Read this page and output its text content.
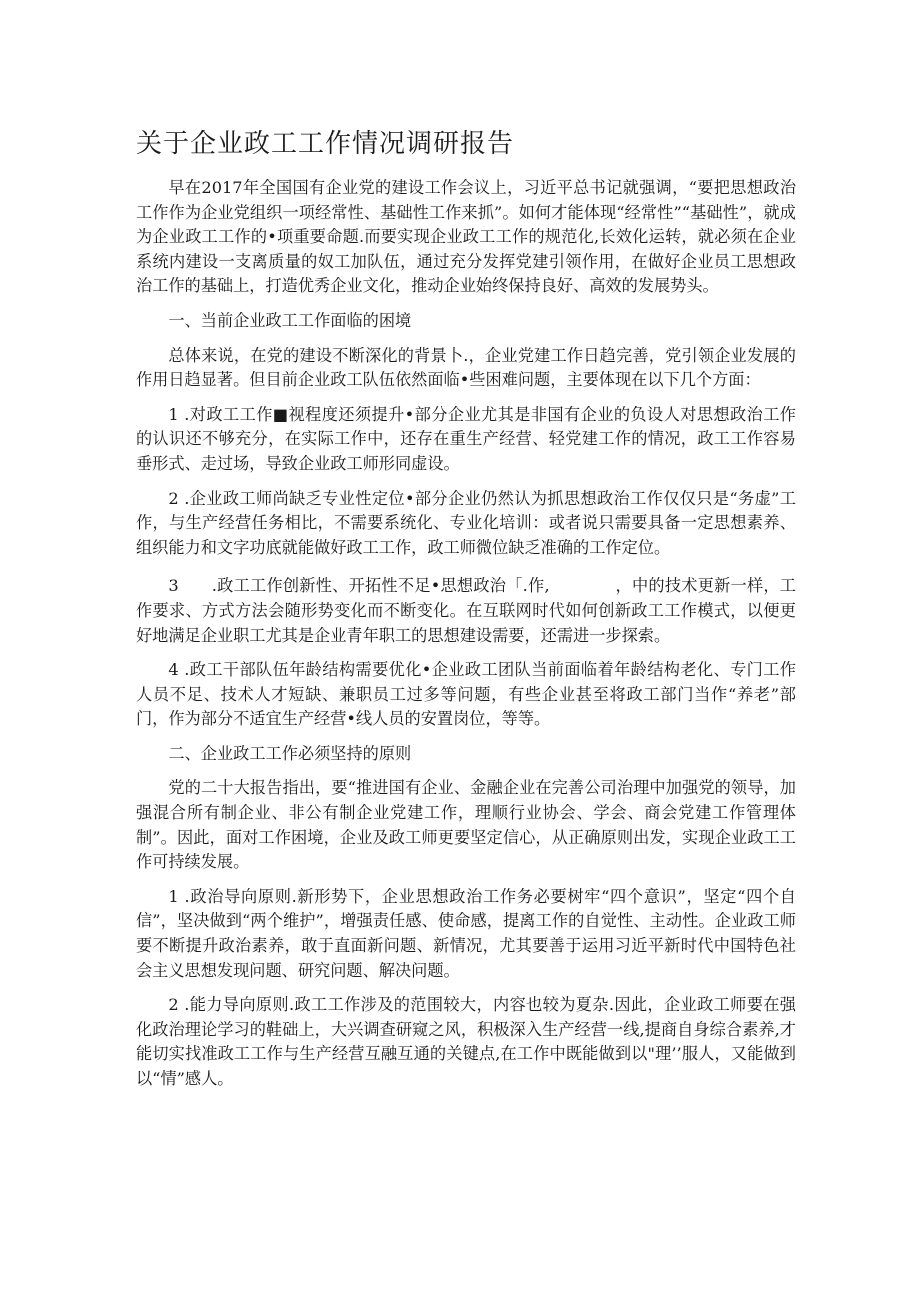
关于企业政工工作情况调研报告

早在2017年全国国有企业党的建设工作会议上，习近平总书记就强调，“要把思想政治工作作为企业党组织一项经常性、基础性工作来抓”。如何才能体现“经常性”“基础性”，就成为企业政工工作的•项重要命题.而要实现企业政工工作的规范化,长效化运转，就必须在企业系统内建设一支离质量的奴工加队伍，通过充分发挥党建引领作用，在做好企业员工思想政治工作的基础上，打造优秀企业文化，推动企业始终保持良好、高效的发展势头。

一、当前企业政工工作面临的困境

总体来说，在党的建设不断深化的背景卜.，企业党建工作日趋完善，党引领企业发展的作用日趋显著。但目前企业政工队伍依然面临•些困难问题，主要体现在以下几个方面：

1 .对政工工作■视程度还须提升•部分企业尤其是非国有企业的负设人对思想政治工作的认识还不够充分，在实际工作中，还存在重生产经营、轻党建工作的情况，政工工作容易垂形式、走过场，导致企业政工师形同虚设。

2 .企业政工师尚缺乏专业性定位•部分企业仍然认为抓思想政治工作仅仅只是“务虚”工作，与生产经营任务相比，不需要系统化、专业化培训：或者说只需要具备一定思想素养、组织能力和文字功底就能做好政工工作，政工师微位缺乏准确的工作定位。

3　　.政工工作创新性、开拓性不足•思想政治「.作,　　　　，中的技术更新一样，工作要求、方式方法会随形势变化而不断变化。在互联网时代如何创新政工工作模式，以便更好地满足企业职工尤其是企业青年职工的思想建设需要，还需进一步探索。

4 .政工干部队伍年龄结构需要优化•企业政工团队当前面临着年龄结构老化、专门工作人员不足、技术人才短缺、兼职员工过多等问题，有些企业甚至将政工部门当作“养老”部门，作为部分不适宜生产经营•线人员的安置岗位，等等。

二、企业政工工作必须坚持的原则

党的二十大报告指出，要“推进国有企业、金融企业在完善公司治理中加强党的领导，加强混合所有制企业、非公有制企业党建工作，理顺行业协会、学会、商会党建工作管理体制”。因此，面对工作困境，企业及政工师更要坚定信心，从正确原则出发，实现企业政工工作可持续发展。

1 .政治导向原则.新形势下，企业思想政治工作务必要树牢“四个意识”，坚定“四个自信”，坚决做到“两个维护”，增强责任感、使命感，提离工作的自觉性、主动性。企业政工师要不断提升政治素养，敢于直面新问题、新情况，尤其要善于运用习近平新时代中国特色社会主义思想发现问题、研究问题、解决问题。

2 .能力导向原则.政工工作涉及的范围较大，内容也较为夏杂.因此，企业政工师要在强化政治理论学习的鞋础上，大兴调查研窥之风，积极深入生产经营一线,提商自身综合素养,才能切实找准政工工作与生产经营互融互通的关键点,在工作中既能做到以"理’’服人，又能做到以“情”感人。
